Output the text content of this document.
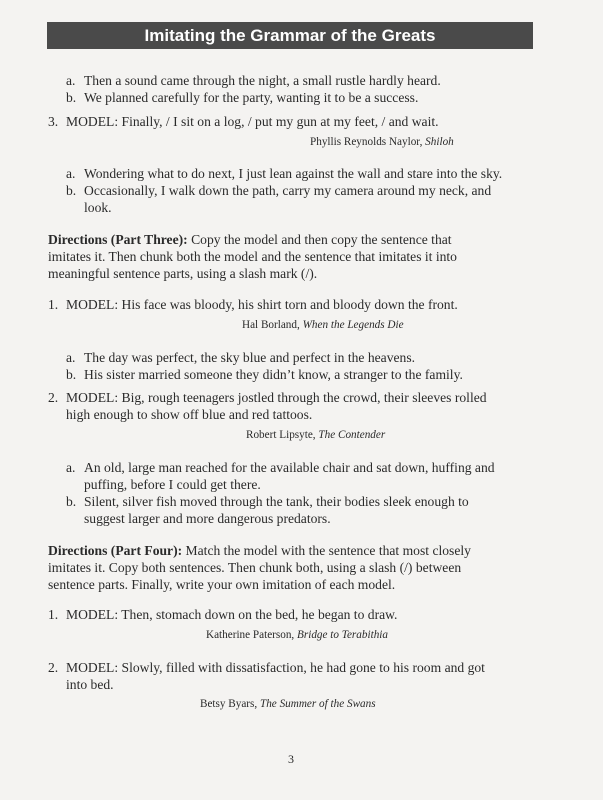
Imitating the Grammar of the Greats
a. Then a sound came through the night, a small rustle hardly heard.
b. We planned carefully for the party, wanting it to be a success.
3. MODEL: Finally, / I sit on a log, / put my gun at my feet, / and wait.
Phyllis Reynolds Naylor, Shiloh
a. Wondering what to do next, I just lean against the wall and stare into the sky.
b. Occasionally, I walk down the path, carry my camera around my neck, and
look.
Directions (Part Three): Copy the model and then copy the sentence that
imitates it. Then chunk both the model and the sentence that imitates it into
meaningful sentence parts, using a slash mark (/).
1. MODEL: His face was bloody, his shirt torn and bloody down the front.
Hal Borland, When the Legends Die
a. The day was perfect, the sky blue and perfect in the heavens.
b. His sister married someone they didn’t know, a stranger to the family.
2. MODEL: Big, rough teenagers jostled through the crowd, their sleeves rolled
high enough to show off blue and red tattoos.
Robert Lipsyte, The Contender
a. An old, large man reached for the available chair and sat down, huffing and
puffing, before I could get there.
b. Silent, silver fish moved through the tank, their bodies sleek enough to
suggest larger and more dangerous predators.
Directions (Part Four): Match the model with the sentence that most closely
imitates it. Copy both sentences. Then chunk both, using a slash (/) between
sentence parts. Finally, write your own imitation of each model.
1. MODEL: Then, stomach down on the bed, he began to draw.
Katherine Paterson, Bridge to Terabithia
2. MODEL: Slowly, filled with dissatisfaction, he had gone to his room and got
into bed.
Betsy Byars, The Summer of the Swans
3
